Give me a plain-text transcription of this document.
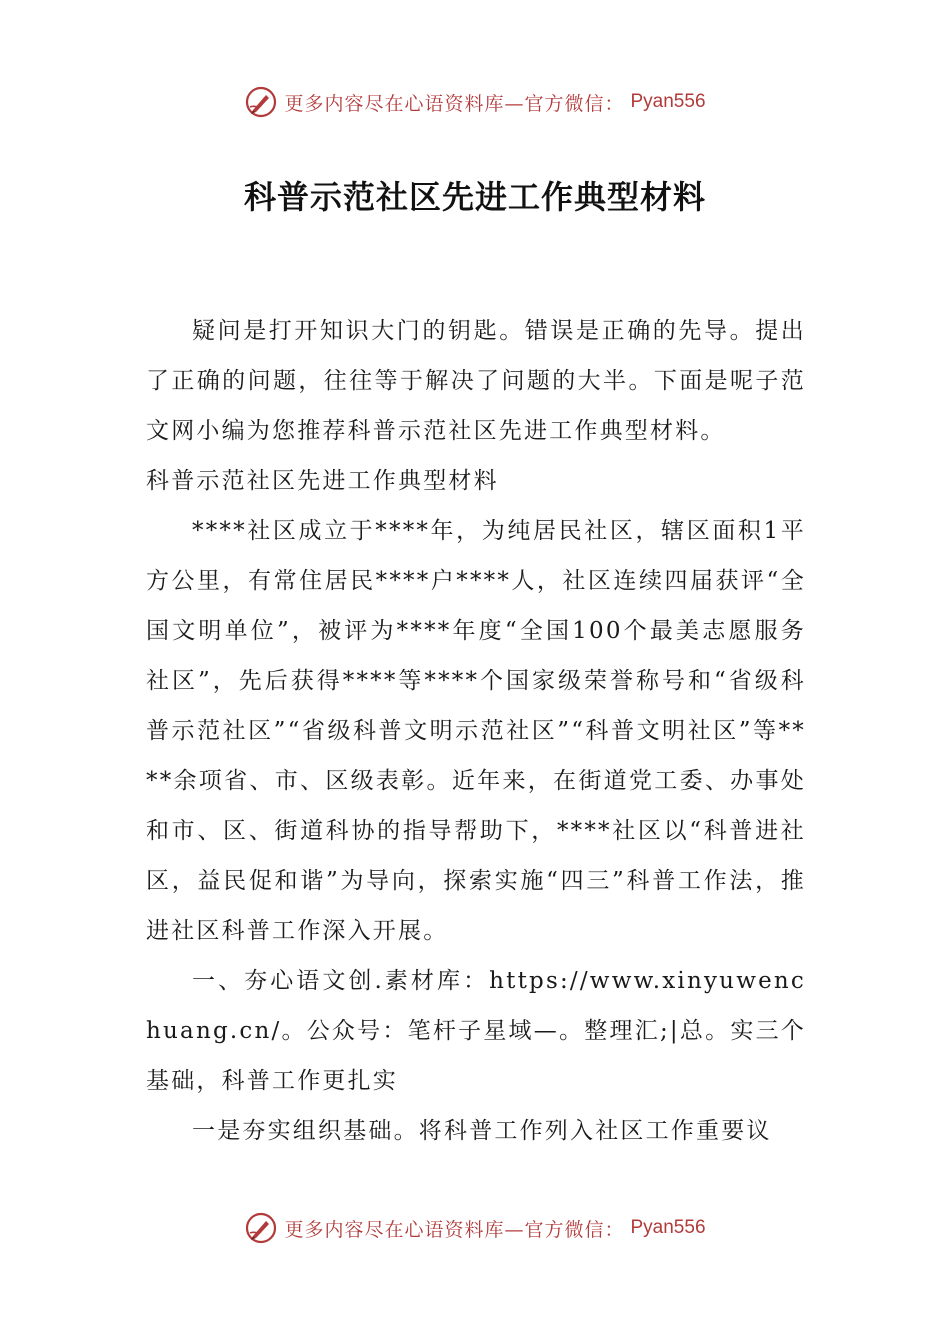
更多内容尽在心语资料库—官方微信： Pyan556
科普示范社区先进工作典型材料

疑问是打开知识大门的钥匙。错误是正确的先导。提出了正确的问题，往往等于解决了问题的大半。下面是呢子范文网小编为您推荐科普示范社区先进工作典型材料。

科普示范社区先进工作典型材料

****社区成立于****年，为纯居民社区，辖区面积1平方公里，有常住居民****户****人，社区连续四届获评“全国文明单位”，被评为****年度“全国100个最美志愿服务社区”，先后获得****等****个国家级荣誉称号和“省级科普示范社区”“省级科普文明示范社区”“科普文明社区”等****余项省、市、区级表彰。近年来，在街道党工委、办事处和市、区、街道科协的指导帮助下，****社区以“科普进社区，益民促和谐”为导向，探索实施“四三”科普工作法，推进社区科普工作深入开展。

一、夯心语文创.素材库：https://www.xinyuwenchuang.cn/。公众号：笔杆子星域—。整理汇;|总。实三个基础，科普工作更扎实

一是夯实组织基础。将科普工作列入社区工作重要议

更多内容尽在心语资料库—官方微信： Pyan556
